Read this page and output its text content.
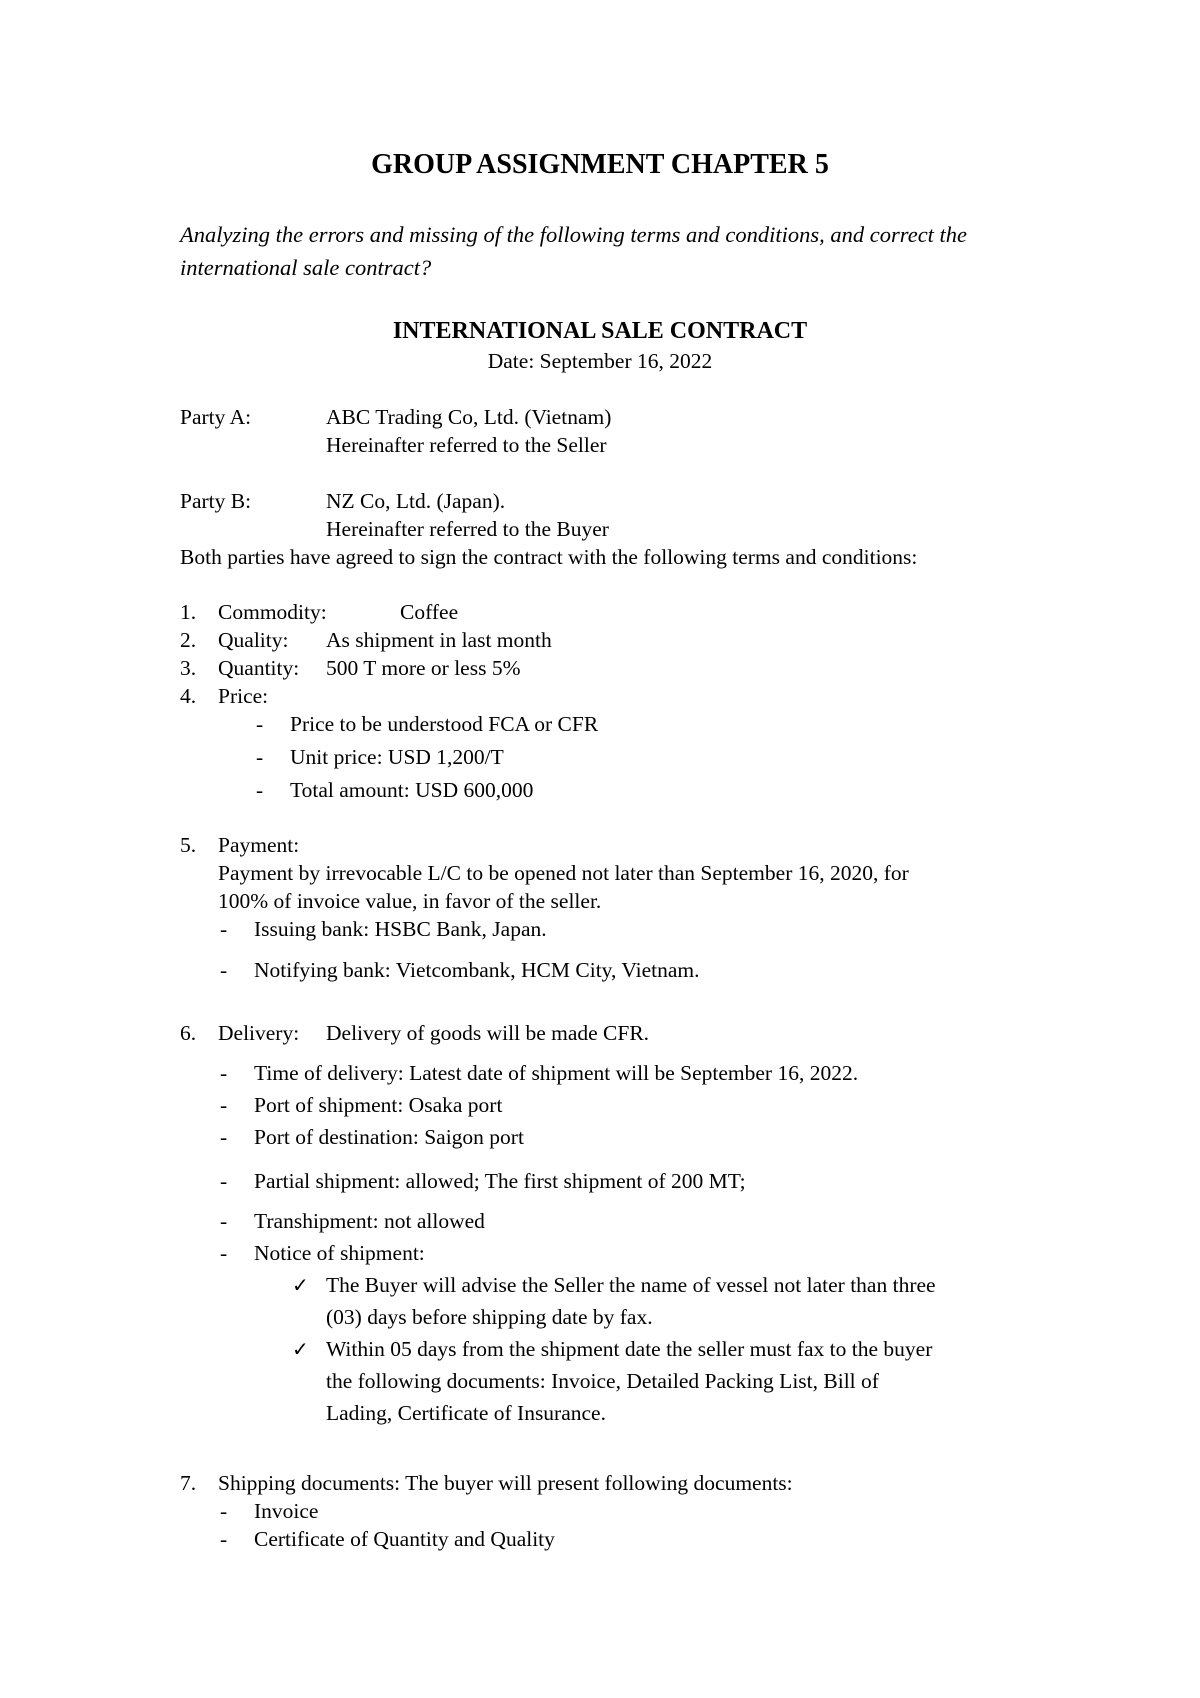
GROUP ASSIGNMENT CHAPTER 5
Analyzing the errors and missing of the following terms and conditions, and correct the international sale contract?
INTERNATIONAL SALE CONTRACT
Date: September 16, 2022
Party A:	ABC Trading Co, Ltd. (Vietnam)
Hereinafter referred to the Seller
Party B:	NZ Co, Ltd. (Japan).
Hereinafter referred to the Buyer
Both parties have agreed to sign the contract with the following terms and conditions:
1. Commodity:	Coffee
2. Quality: As shipment in last month
3. Quantity: 500 T more or less 5%
4. Price:
- Price to be understood FCA or CFR
- Unit price: USD 1,200/T
- Total amount: USD 600,000
5. Payment:
Payment by irrevocable L/C to be opened not later than September 16, 2020, for
100% of invoice value, in favor of the seller.
- Issuing bank: HSBC Bank, Japan.
- Notifying bank: Vietcombank, HCM City, Vietnam.
6. Delivery: Delivery of goods will be made CFR.
- Time of delivery: Latest date of shipment will be September 16, 2022.
- Port of shipment: Osaka port
- Port of destination: Saigon port
- Partial shipment: allowed; The first shipment of 200 MT;
- Transhipment: not allowed
- Notice of shipment:
✓ The Buyer will advise the Seller the name of vessel not later than three
(03) days before shipping date by fax.
✓ Within 05 days from the shipment date the seller must fax to the buyer
the following documents: Invoice, Detailed Packing List, Bill of
Lading, Certificate of Insurance.
7. Shipping documents: The buyer will present following documents:
- Invoice
- Certificate of Quantity and Quality
